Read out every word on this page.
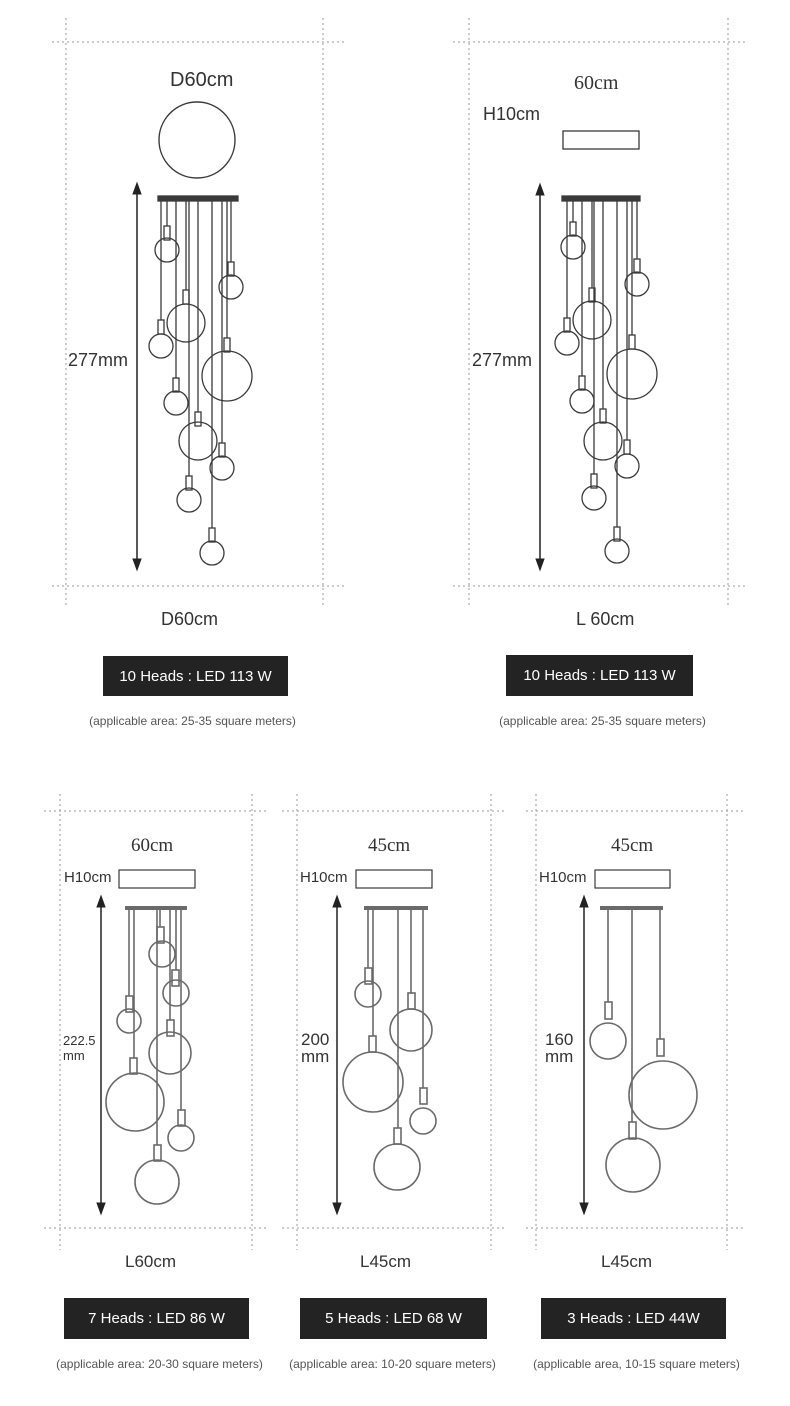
D60cm
277mm
D60cm
10 Heads : LED 113 W
(applicable area: 25-35 square meters)
60cm
H10cm
277mm
L 60cm
10 Heads : LED 113 W
(applicable area: 25-35 square meters)
60cm
H10cm
222.5
mm
L60cm
7 Heads : LED 86 W
(applicable area: 20-30 square meters)
45cm
H10cm
200
mm
L45cm
5 Heads : LED 68 W
(applicable area: 10-20 square meters)
45cm
H10cm
160
mm
L45cm
3 Heads : LED 44W
(applicable area, 10-15 square meters)
